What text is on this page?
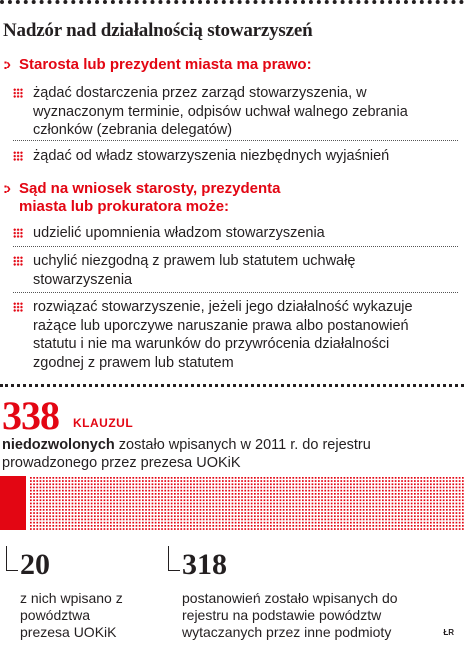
Nadzór nad działalnością stowarzyszeń
:› Starosta lub prezydent miasta ma prawo:
żądać dostarczenia przez zarząd stowarzyszenia, w wyznaczonym terminie, odpisów uchwał walnego zebrania członków (zebrania delegatów)
żądać od władz stowarzyszenia niezbędnych wyjaśnień
:› Sąd na wniosek starosty, prezydenta
miasta lub prokuratora może:
udzielić upomnienia władzom stowarzyszenia
uchylić niezgodną z prawem lub statutem uchwałę stowarzyszenia
rozwiązać stowarzyszenie, jeżeli jego działalność wykazuje rażące lub uporczywe naruszanie prawa albo postanowień statutu i nie ma warunków do przywrócenia działalności zgodnej z prawem lub statutem
338 KLAUZUL
niedozwolonych zostało wpisanych w 2011 r. do rejestru prowadzonego przez prezesa UOKiK
20
z nich wpisano z powództwa prezesa UOKiK
318
postanowień zostało wpisanych do rejestru na podstawie powództw wytaczanych przez inne podmioty	ŁR
